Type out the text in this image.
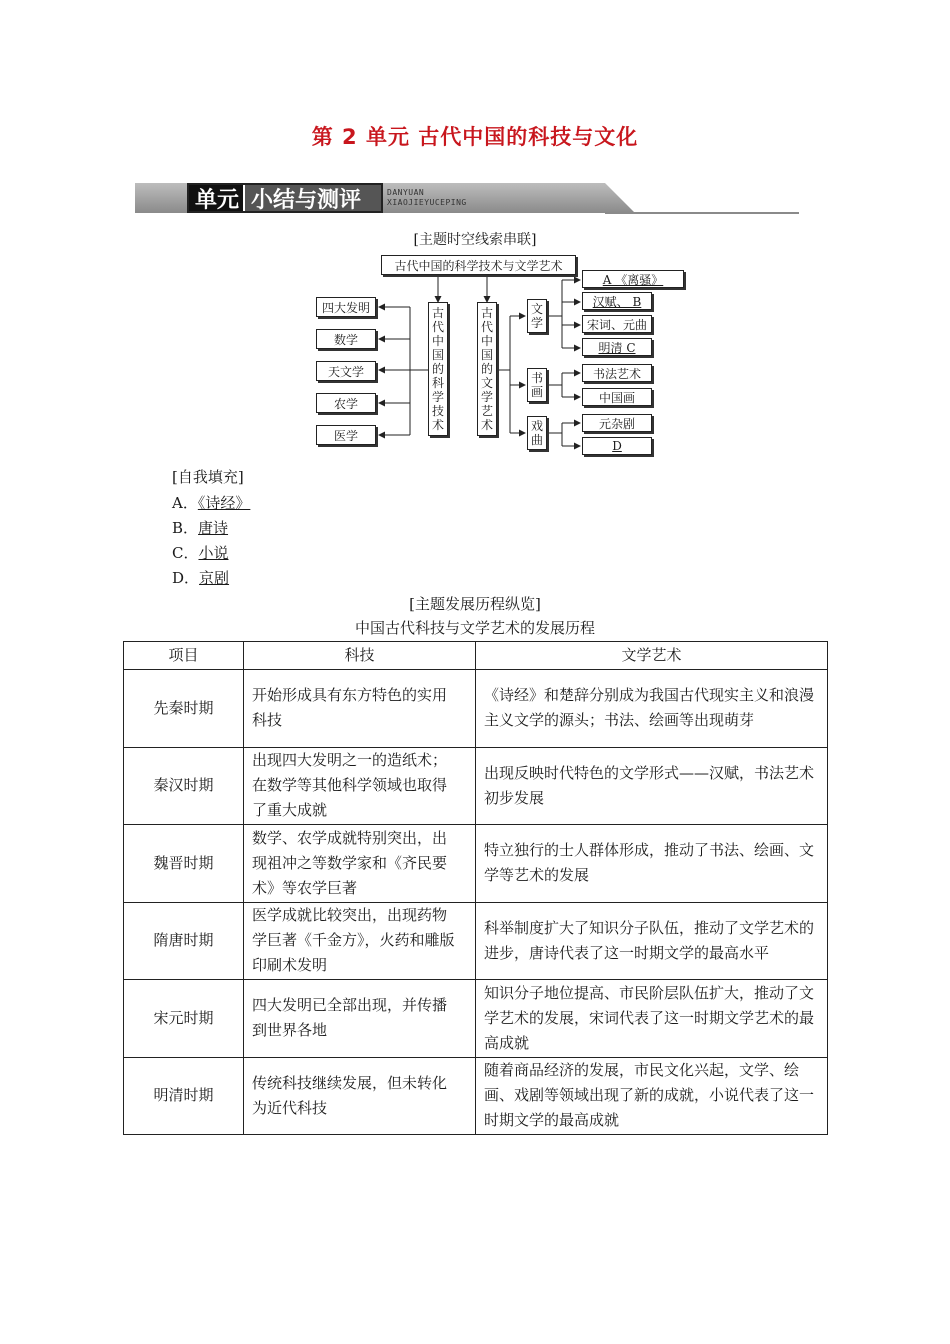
第 2 单元 古代中国的科技与文化
单元 小结与测评	DANYUAN
XIAOJIEYUCEPING
[主题时空线索串联]
古代中国的科学技术与文学艺术
古代中国的科学技术
古代中国的文学艺术
四大发明
数学
天文学
农学
医学
文学
书画
戏曲
A 《离骚》
汉赋、 B
宋词、元曲
明清 C
书法艺术
中国画
元杂剧
D
[自我填充]
A．《诗经》
B．唐诗
C．小说
D．京剧
[主题发展历程纵览]
中国古代科技与文学艺术的发展历程
项目	科技	文学艺术
先秦时期	开始形成具有东方特色的实用科技	《诗经》和楚辞分别成为我国古代现实主义和浪漫主义文学的源头；书法、绘画等出现萌芽
秦汉时期	出现四大发明之一的造纸术；在数学等其他科学领域也取得了重大成就	出现反映时代特色的文学形式——汉赋，书法艺术初步发展
魏晋时期	数学、农学成就特别突出，出现祖冲之等数学家和《齐民要术》等农学巨著	特立独行的士人群体形成，推动了书法、绘画、文学等艺术的发展
隋唐时期	医学成就比较突出，出现药物学巨著《千金方》，火药和雕版印刷术发明	科举制度扩大了知识分子队伍，推动了文学艺术的进步，唐诗代表了这一时期文学的最高水平
宋元时期	四大发明已全部出现，并传播到世界各地	知识分子地位提高、市民阶层队伍扩大，推动了文学艺术的发展，宋词代表了这一时期文学艺术的最高成就
明清时期	传统科技继续发展，但未转化为近代科技	随着商品经济的发展，市民文化兴起，文学、绘画、戏剧等领域出现了新的成就，小说代表了这一时期文学的最高成就
